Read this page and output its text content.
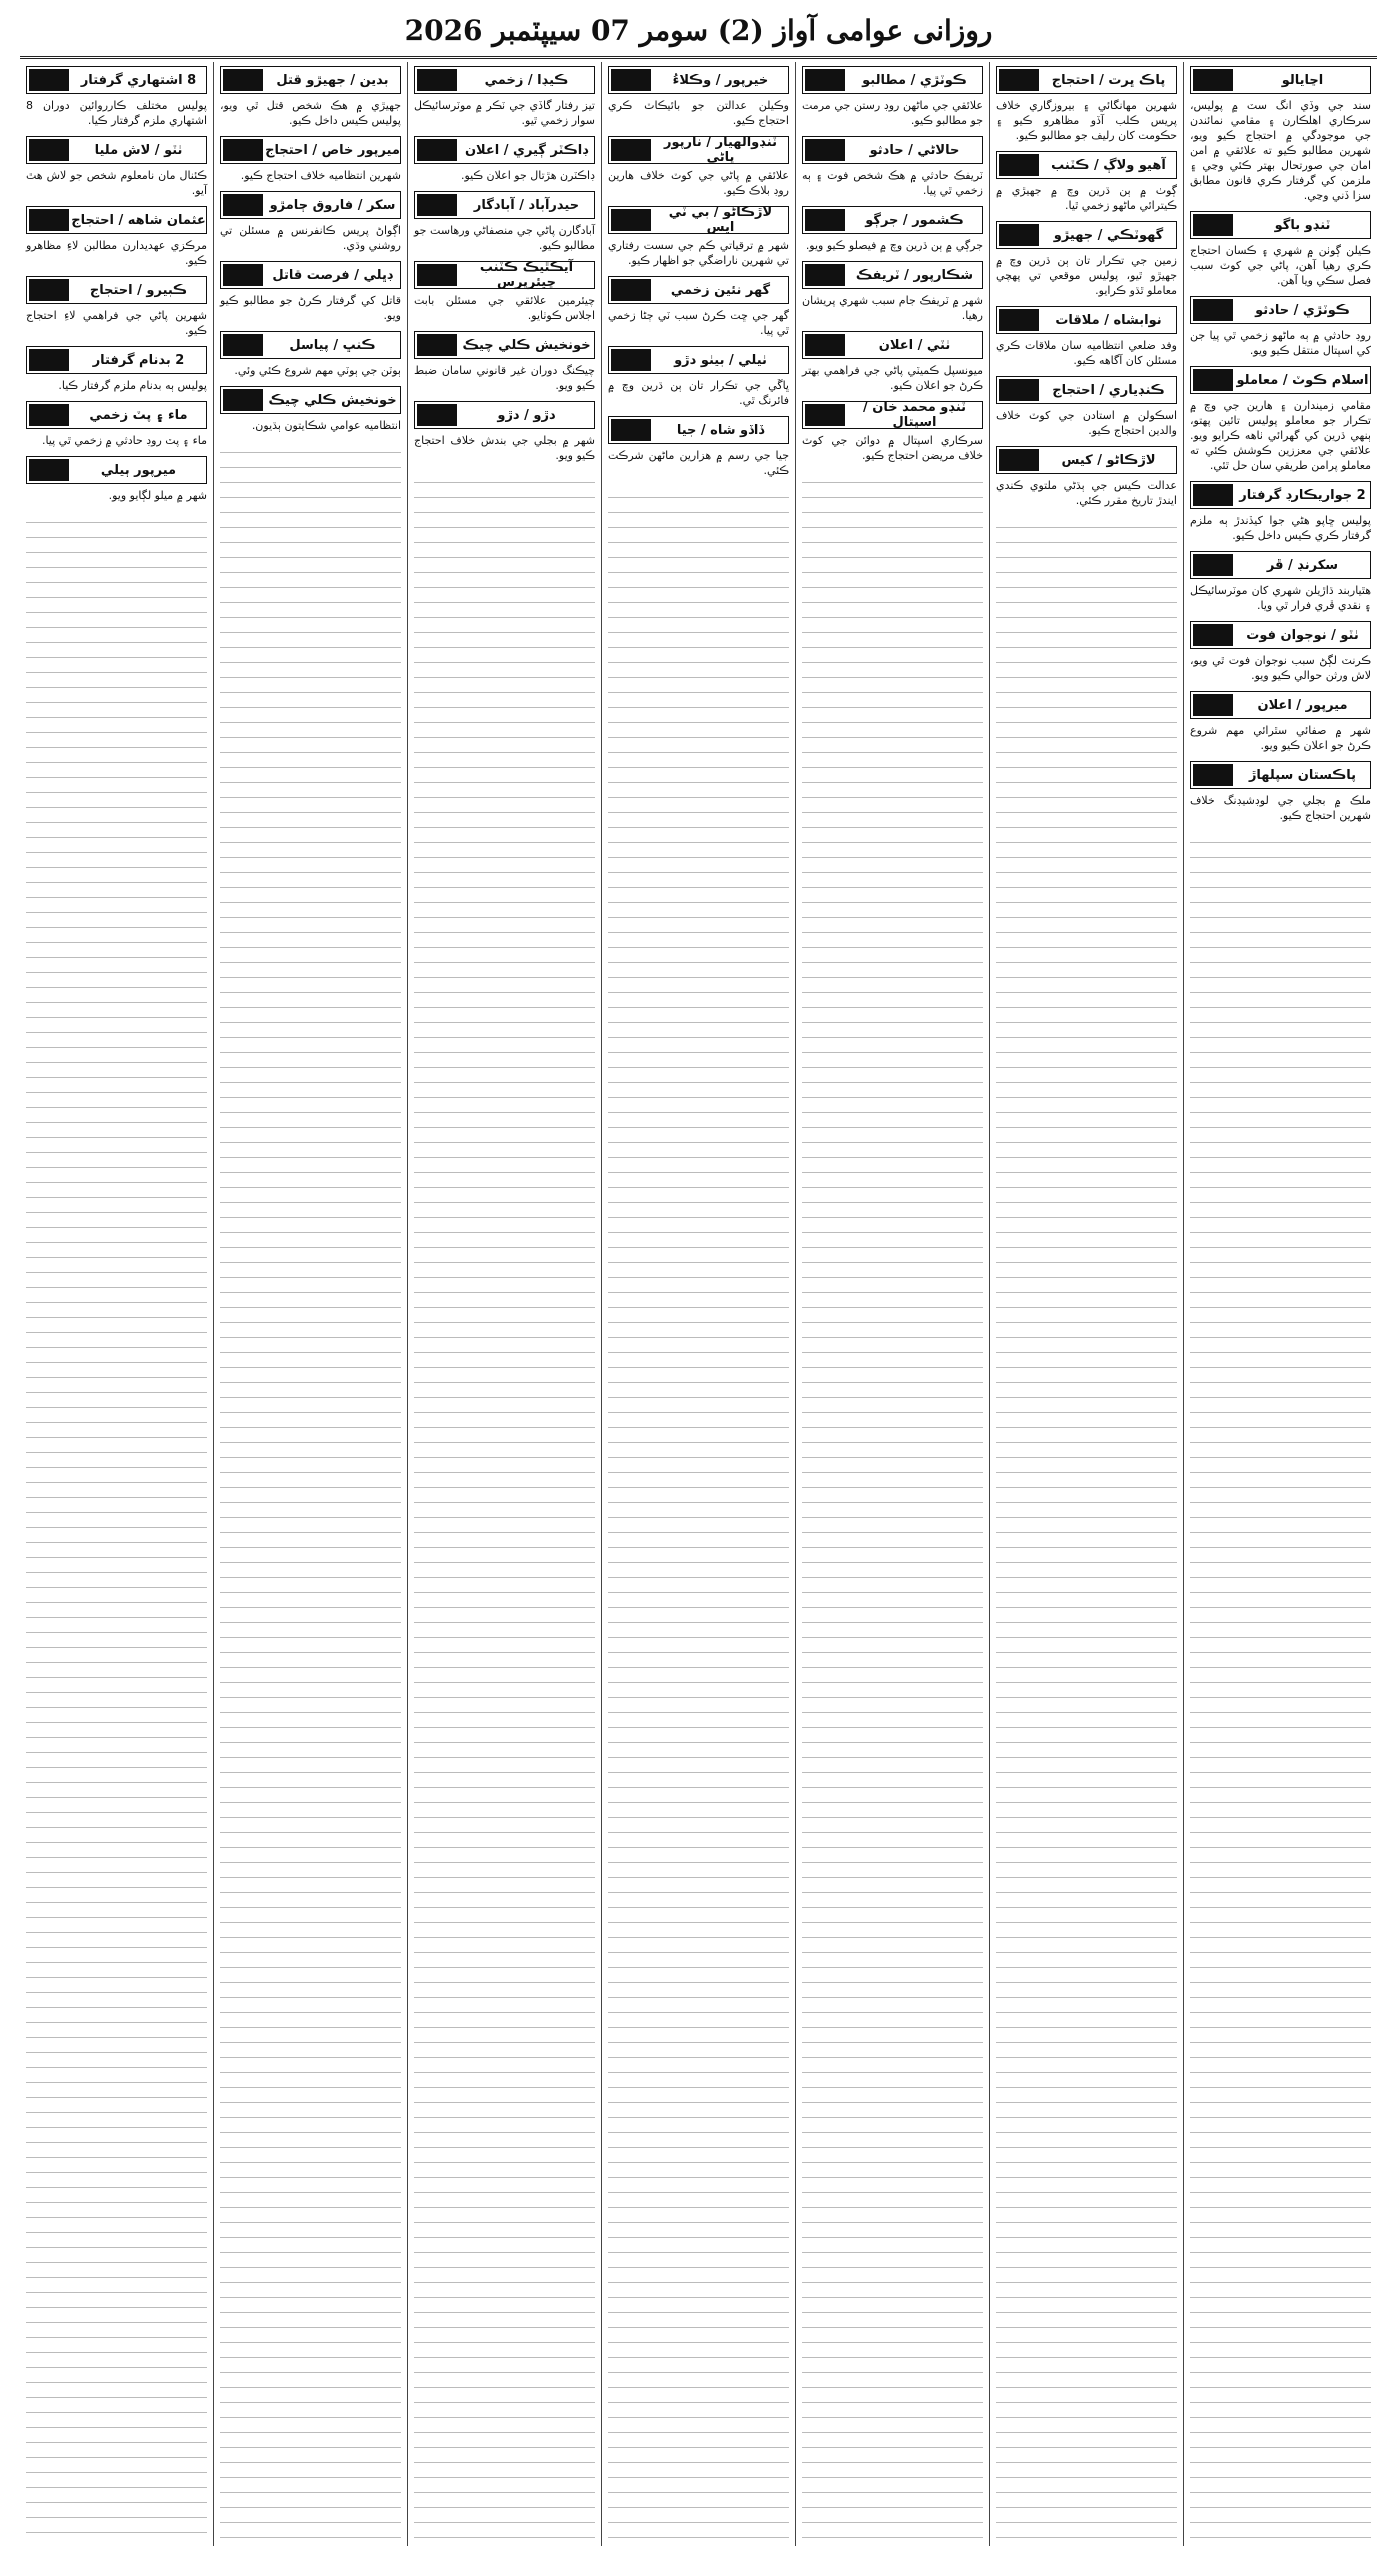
روزانی عوامی آواز (2) سومر 07 سيپٽمبر 2026
اڃايالو

سند جي وڏي انگ سٽ ۾ پوليس، سرڪاري اهلڪارن ۽ مقامي نمائندن جي موجودگي ۾ احتجاج ڪيو ويو، شهرين مطالبو ڪيو ته علائقي ۾ امن امان جي صورتحال بهتر ڪئي وڃي ۽ ملزمن کي گرفتار ڪري قانون مطابق سزا ڏني وڃي.

ٽنڊو باگو

ڪيلن ڳوٺن ۾ شهري ۽ ڪسان احتجاج ڪري رهيا آهن، پاڻي جي کوٽ سبب فصل سڪي ويا آهن.

ڪوٽڙي / حادثو

روڊ حادثي ۾ ٻه ماڻهو زخمي ٿي پيا جن کي اسپتال منتقل ڪيو ويو.

اسلام ڪوٽ / معاملو

مقامي زميندارن ۽ هارين جي وچ ۾ تڪرار جو معاملو پوليس تائين پهتو، ٻنهي ڌرين کي گهرائي ٺاهه ڪرايو ويو. علائقي جي معززين ڪوشش ڪئي ته معاملو پرامن طريقي سان حل ٿئي.

2 جواريڪارڊ گرفتار

پوليس ڇاپو هڻي جوا کيڏندڙ ٻه ملزم گرفتار ڪري ڪيس داخل ڪيو.

سکرنڊ / ڦر

هٿياربند ڌاڙيلن شهري کان موٽرسائيڪل ۽ نقدي ڦري فرار ٿي ويا.

ٺٽو / نوجوان فوت

ڪرنٽ لڳڻ سبب نوجوان فوت ٿي ويو، لاش ورثن حوالي ڪيو ويو.

ميرپور / اعلان

شهر ۾ صفائي سٿرائي مهم شروع ڪرڻ جو اعلان ڪيو ويو.

پاڪستان سپلهاڙ

ملڪ ۾ بجلي جي لوڊشيڊنگ خلاف شهرين احتجاج ڪيو.

پاڪ ڀرت / احتجاج

شهرين مهانگائي ۽ بيروزگاري خلاف پريس ڪلب آڏو مظاهرو ڪيو ۽ حڪومت کان رليف جو مطالبو ڪيو.

آهيو ولاڳ / ڪٽنب

ڳوٺ ۾ ٻن ڌرين وچ ۾ جهيڙي ۾ ڪيترائي ماڻهو زخمي ٿيا.

گهوٽڪي / جهيڙو

زمين جي تڪرار تان ٻن ڌرين وچ ۾ جهيڙو ٿيو، پوليس موقعي تي پهچي معاملو ٿڌو ڪرايو.

نوابشاه / ملاقات

وفد ضلعي انتظاميه سان ملاقات ڪري مسئلن کان آگاهه ڪيو.

ڪنڊياري / احتجاج

اسڪولن ۾ استادن جي کوٽ خلاف والدين احتجاج ڪيو.

لاڙڪاڻو / کيس

عدالت ڪيس جي ٻڌڻي ملتوي ڪندي ايندڙ تاريخ مقرر ڪئي.

ڪوٽڙي / مطالبو

علائقي جي ماڻهن روڊ رستن جي مرمت جو مطالبو ڪيو.

حالاڻي / حادثو

ٽريفڪ حادثي ۾ هڪ شخص فوت ۽ ٻه زخمي ٿي پيا.

ڪشمور / جرڳو

جرڳي ۾ ٻن ڌرين وچ ۾ فيصلو ڪيو ويو.

شڪارپور / ٽريفڪ

شهر ۾ ٽريفڪ جام سبب شهري پريشان رهيا.

ٺٽي / اعلان

ميونسپل ڪميٽي پاڻي جي فراهمي بهتر ڪرڻ جو اعلان ڪيو.

ٽنڊو محمد خان / اسپتال

سرڪاري اسپتال ۾ دوائن جي کوٽ خلاف مريضن احتجاج ڪيو.

خيرپور / وڪلاءُ

وڪيلن عدالتن جو بائيڪاٽ ڪري احتجاج ڪيو.

ٽنڊوالهيار / نارپور پاڻي

علائقي ۾ پاڻي جي کوٽ خلاف هارين روڊ بلاڪ ڪيو.

لاڙڪاڻو / بي ٽي ايس

شهر ۾ ترقياتي ڪم جي سست رفتاري تي شهرين ناراضگي جو اظهار ڪيو.

گهر نئين زخمي

گهر جي ڇت ڪرڻ سبب ٽي ڄڻا زخمي ٿي پيا.

ٺيلي / بيٺو دڙو

ڀاڱي جي تڪرار تان ٻن ڌرين وچ ۾ فائرنگ ٿي.

ڏاڏو شاه / جيا

جيا جي رسم ۾ هزارين ماڻهن شرڪت ڪئي.

ڪيڊا / زخمي

تيز رفتار گاڏي جي ٽڪر ۾ موٽرسائيڪل سوار زخمي ٿيو.

ڊاڪٽر ڳيري / اعلان

ڊاڪٽرن هڙتال جو اعلان ڪيو.

حيدرآباد / آبادگار

آبادگارن پاڻي جي منصفاڻي ورهاست جو مطالبو ڪيو.

آيڪٿيڪ ڪٽنب چيئرپرس

چيئرمين علائقي جي مسئلن بابت اجلاس ڪوٺايو.

خونخيش ڪلي چيڪ

چيڪنگ دوران غير قانوني سامان ضبط ڪيو ويو.

دڙو / دڙو

شهر ۾ بجلي جي بندش خلاف احتجاج ڪيو ويو.

بدين / جهيڙو قتل

جهيڙي ۾ هڪ شخص قتل ٿي ويو، پوليس ڪيس داخل ڪيو.

ميرپور خاص / احتجاج

شهرين انتظاميه خلاف احتجاج ڪيو.

سکر / فاروق ڄامڙو

اڳواڻ پريس ڪانفرنس ۾ مسئلن تي روشني وڌي.

ڊڀلي / فرصت قاتل

قاتل کي گرفتار ڪرڻ جو مطالبو ڪيو ويو.

ڪنڀ / پياسل

ٻوٽن جي ٻوٽي مهم شروع ڪئي وئي.

خونخيش ڪلي چيڪ

انتظاميه عوامي شڪايتون ٻڌيون.

8 اشتهاري گرفتار

پوليس مختلف ڪارروائين دوران 8 اشتهاري ملزم گرفتار ڪيا.

ٺٽو / لاش مليا

ڪئنال مان نامعلوم شخص جو لاش هٿ آيو.

عثمان شاهه / احتجاج

مرڪزي عهديدارن مطالبن لاءِ مظاهرو ڪيو.

ڪبيرو / احتجاج

شهرين پاڻي جي فراهمي لاءِ احتجاج ڪيو.

2 بدنام گرفتار

پوليس ٻه بدنام ملزم گرفتار ڪيا.

ماء ۽ پٽ زخمي

ماء ۽ پٽ روڊ حادثي ۾ زخمي ٿي پيا.

ميرپور ٻيلي

شهر ۾ ميلو لڳايو ويو.
